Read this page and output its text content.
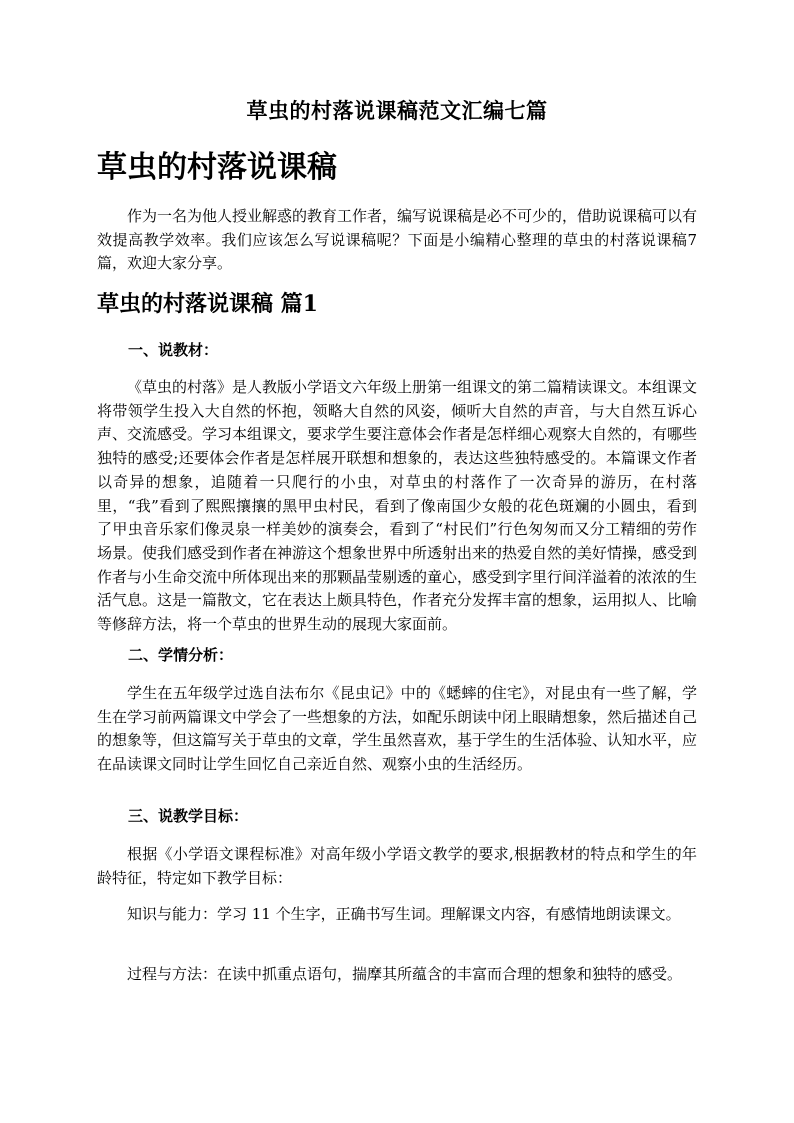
草虫的村落说课稿范文汇编七篇
草虫的村落说课稿
作为一名为他人授业解惑的教育工作者，编写说课稿是必不可少的，借助说课稿可以有效提高教学效率。我们应该怎么写说课稿呢？下面是小编精心整理的草虫的村落说课稿7篇，欢迎大家分享。
草虫的村落说课稿 篇1
一、说教材：
《草虫的村落》是人教版小学语文六年级上册第一组课文的第二篇精读课文。本组课文将带领学生投入大自然的怀抱，领略大自然的风姿，倾听大自然的声音，与大自然互诉心声、交流感受。学习本组课文，要求学生要注意体会作者是怎样细心观察大自然的，有哪些独特的感受;还要体会作者是怎样展开联想和想象的，表达这些独特感受的。本篇课文作者以奇异的想象，追随着一只爬行的小虫，对草虫的村落作了一次奇异的游历，在村落里，“我”看到了熙熙攘攘的黑甲虫村民，看到了像南国少女般的花色斑斓的小圆虫，看到了甲虫音乐家们像灵泉一样美妙的演奏会，看到了“村民们”行色匆匆而又分工精细的劳作场景。使我们感受到作者在神游这个想象世界中所透射出来的热爱自然的美好情操，感受到作者与小生命交流中所体现出来的那颗晶莹剔透的童心，感受到字里行间洋溢着的浓浓的生活气息。这是一篇散文，它在表达上颇具特色，作者充分发挥丰富的想象，运用拟人、比喻等修辞方法，将一个草虫的世界生动的展现大家面前。
二、学情分析：
学生在五年级学过选自法布尔《昆虫记》中的《蟋蟀的住宅》，对昆虫有一些了解，学生在学习前两篇课文中学会了一些想象的方法，如配乐朗读中闭上眼睛想象，然后描述自己的想象等，但这篇写关于草虫的文章，学生虽然喜欢，基于学生的生活体验、认知水平，应在品读课文同时让学生回忆自己亲近自然、观察小虫的生活经历。
三、说教学目标：
根据《小学语文课程标准》对高年级小学语文教学的要求,根据教材的特点和学生的年龄特征，特定如下教学目标：
知识与能力：学习 11 个生字，正确书写生词。理解课文内容，有感情地朗读课文。
过程与方法：在读中抓重点语句，揣摩其所蕴含的丰富而合理的想象和独特的感受。
